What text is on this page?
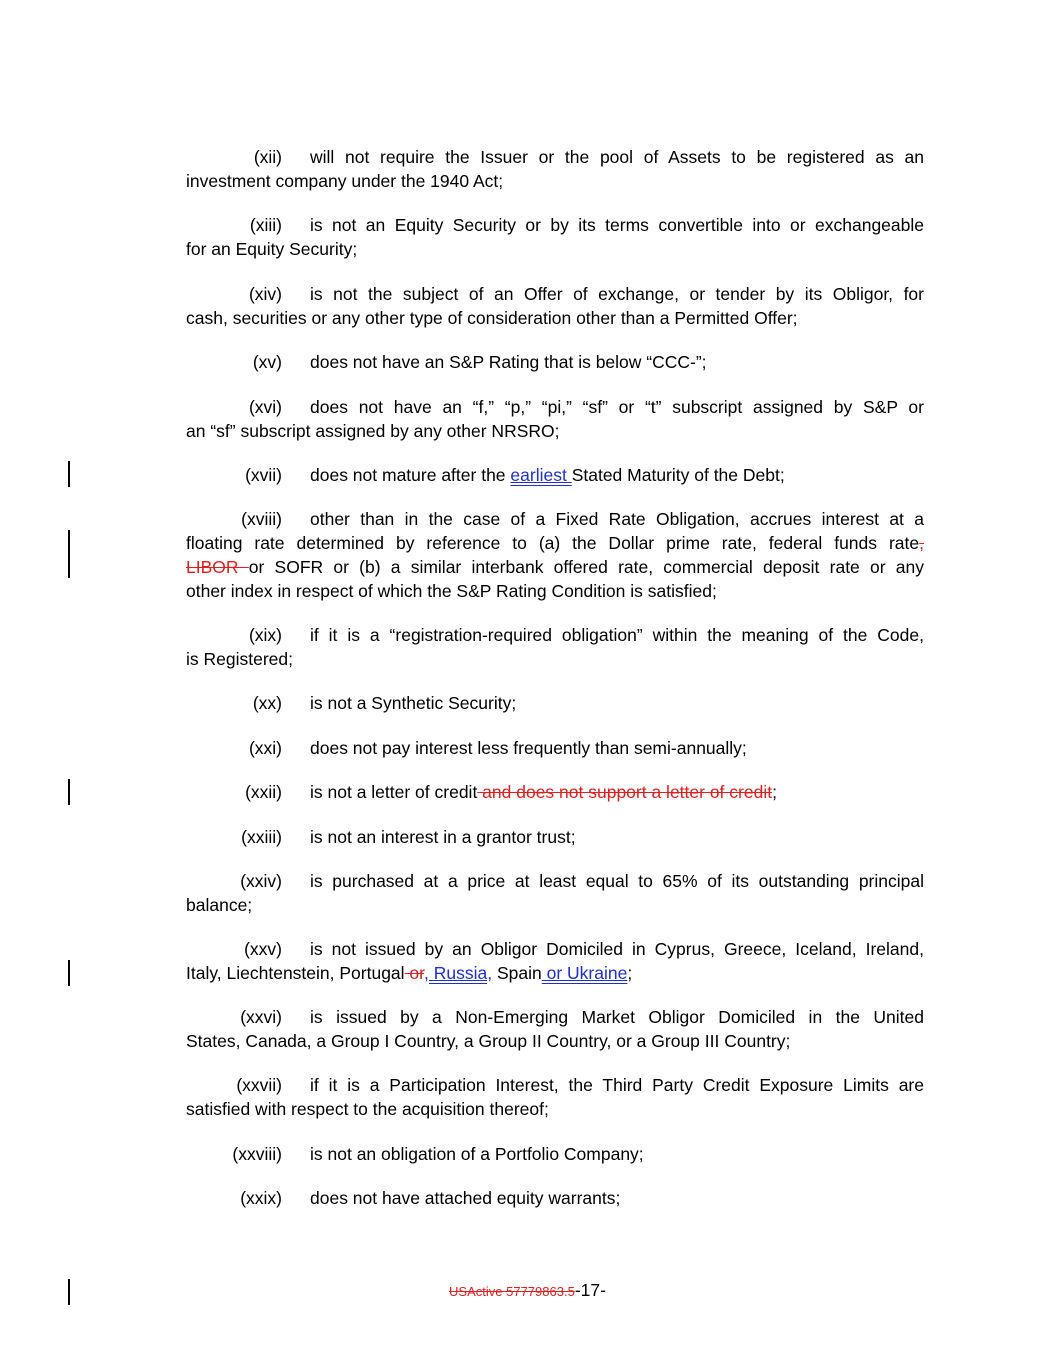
(xii) will not require the Issuer or the pool of Assets to be registered as an
investment company under the 1940 Act;
(xiii) is not an Equity Security or by its terms convertible into or exchangeable
for an Equity Security;
(xiv) is not the subject of an Offer of exchange, or tender by its Obligor, for
cash, securities or any other type of consideration other than a Permitted Offer;
(xv) does not have an S&P Rating that is below “CCC-”;
(xvi) does not have an “f,” “p,” “pi,” “sf” or “t” subscript assigned by S&P or
an “sf” subscript assigned by any other NRSRO;
(xvii) does not mature after the earliest Stated Maturity of the Debt;
(xviii) other than in the case of a Fixed Rate Obligation, accrues interest at a
floating rate determined by reference to (a) the Dollar prime rate, federal funds rate,
LIBOR or SOFR or (b) a similar interbank offered rate, commercial deposit rate or any
other index in respect of which the S&P Rating Condition is satisfied;
(xix) if it is a “registration-required obligation” within the meaning of the Code,
is Registered;
(xx) is not a Synthetic Security;
(xxi) does not pay interest less frequently than semi-annually;
(xxii) is not a letter of credit and does not support a letter of credit;
(xxiii) is not an interest in a grantor trust;
(xxiv) is purchased at a price at least equal to 65% of its outstanding principal
balance;
(xxv) is not issued by an Obligor Domiciled in Cyprus, Greece, Iceland, Ireland,
Italy, Liechtenstein, Portugal or, Russia, Spain or Ukraine;
(xxvi) is issued by a Non-Emerging Market Obligor Domiciled in the United
States, Canada, a Group I Country, a Group II Country, or a Group III Country;
(xxvii) if it is a Participation Interest, the Third Party Credit Exposure Limits are
satisfied with respect to the acquisition thereof;
(xxviii) is not an obligation of a Portfolio Company;
(xxix) does not have attached equity warrants;
USActive 57779863.5-17-
